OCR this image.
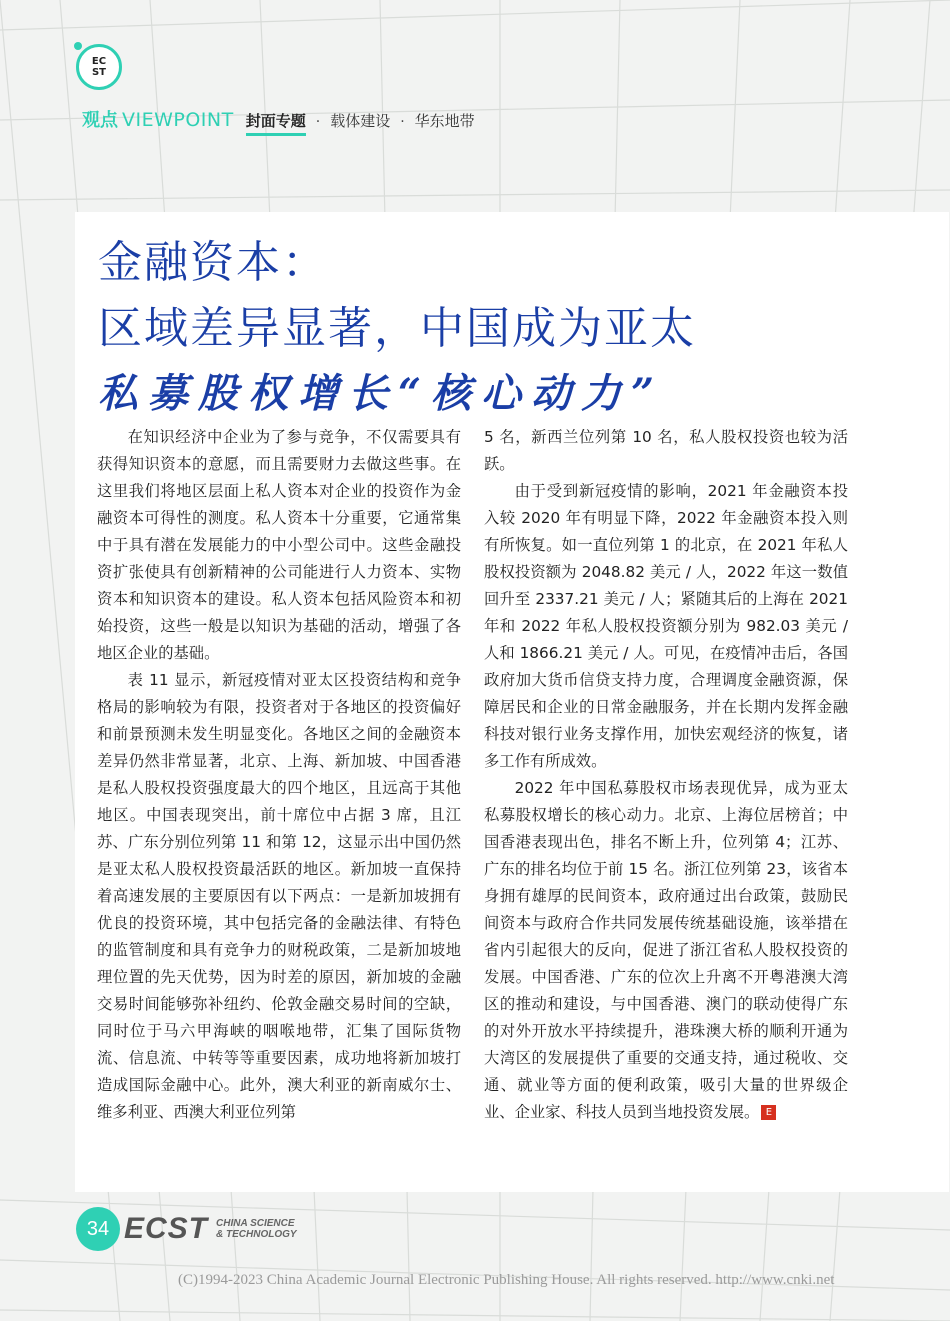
EC
ST
观点 VIEWPOINT 封面专题 · 载体建设 · 华东地带
金融资本：
区域差异显著，中国成为亚太
私募股权增长“核心动力”

在知识经济中企业为了参与竞争，不仅需要具有获得知识资本的意愿，而且需要财力去做这些事。在这里我们将地区层面上私人资本对企业的投资作为金融资本可得性的测度。私人资本十分重要，它通常集中于具有潜在发展能力的中小型公司中。这些金融投资扩张使具有创新精神的公司能进行人力资本、实物资本和知识资本的建设。私人资本包括风险资本和初始投资，这些一般是以知识为基础的活动，增强了各地区企业的基础。

表 11 显示，新冠疫情对亚太区投资结构和竞争格局的影响较为有限，投资者对于各地区的投资偏好和前景预测未发生明显变化。各地区之间的金融资本差异仍然非常显著，北京、上海、新加坡、中国香港是私人股权投资强度最大的四个地区，且远高于其他地区。中国表现突出，前十席位中占据 3 席，且江苏、广东分别位列第 11 和第 12，这显示出中国仍然是亚太私人股权投资最活跃的地区。新加坡一直保持着高速发展的主要原因有以下两点：一是新加坡拥有优良的投资环境，其中包括完备的金融法律、有特色的监管制度和具有竞争力的财税政策，二是新加坡地理位置的先天优势，因为时差的原因，新加坡的金融交易时间能够弥补纽约、伦敦金融交易时间的空缺，同时位于马六甲海峡的咽喉地带，汇集了国际货物流、信息流、中转等等重要因素，成功地将新加坡打造成国际金融中心。此外，澳大利亚的新南威尔士、维多利亚、西澳大利亚位列第

5 名，新西兰位列第 10 名，私人股权投资也较为活跃。

由于受到新冠疫情的影响，2021 年金融资本投入较 2020 年有明显下降，2022 年金融资本投入则有所恢复。如一直位列第 1 的北京，在 2021 年私人股权投资额为 2048.82 美元 / 人，2022 年这一数值回升至 2337.21 美元 / 人；紧随其后的上海在 2021 年和 2022 年私人股权投资额分别为 982.03 美元 / 人和 1866.21 美元 / 人。可见，在疫情冲击后，各国政府加大货币信贷支持力度，合理调度金融资源，保障居民和企业的日常金融服务，并在长期内发挥金融科技对银行业务支撑作用，加快宏观经济的恢复，诸多工作有所成效。

2022 年中国私募股权市场表现优异，成为亚太私募股权增长的核心动力。北京、上海位居榜首；中国香港表现出色，排名不断上升，位列第 4；江苏、广东的排名均位于前 15 名。浙江位列第 23，该省本身拥有雄厚的民间资本，政府通过出台政策，鼓励民间资本与政府合作共同发展传统基础设施，该举措在省内引起很大的反向，促进了浙江省私人股权投资的发展。中国香港、广东的位次上升离不开粤港澳大湾区的推动和建设，与中国香港、澳门的联动使得广东的对外开放水平持续提升，港珠澳大桥的顺利开通为大湾区的发展提供了重要的交通支持，通过税收、交通、就业等方面的便利政策，吸引大量的世界级企业、企业家、科技人员到当地投资发展。 E

34 ECST CHINA SCIENCE
& TECHNOLOGY
(C)1994-2023 China Academic Journal Electronic Publishing House. All rights reserved. http://www.cnki.net
